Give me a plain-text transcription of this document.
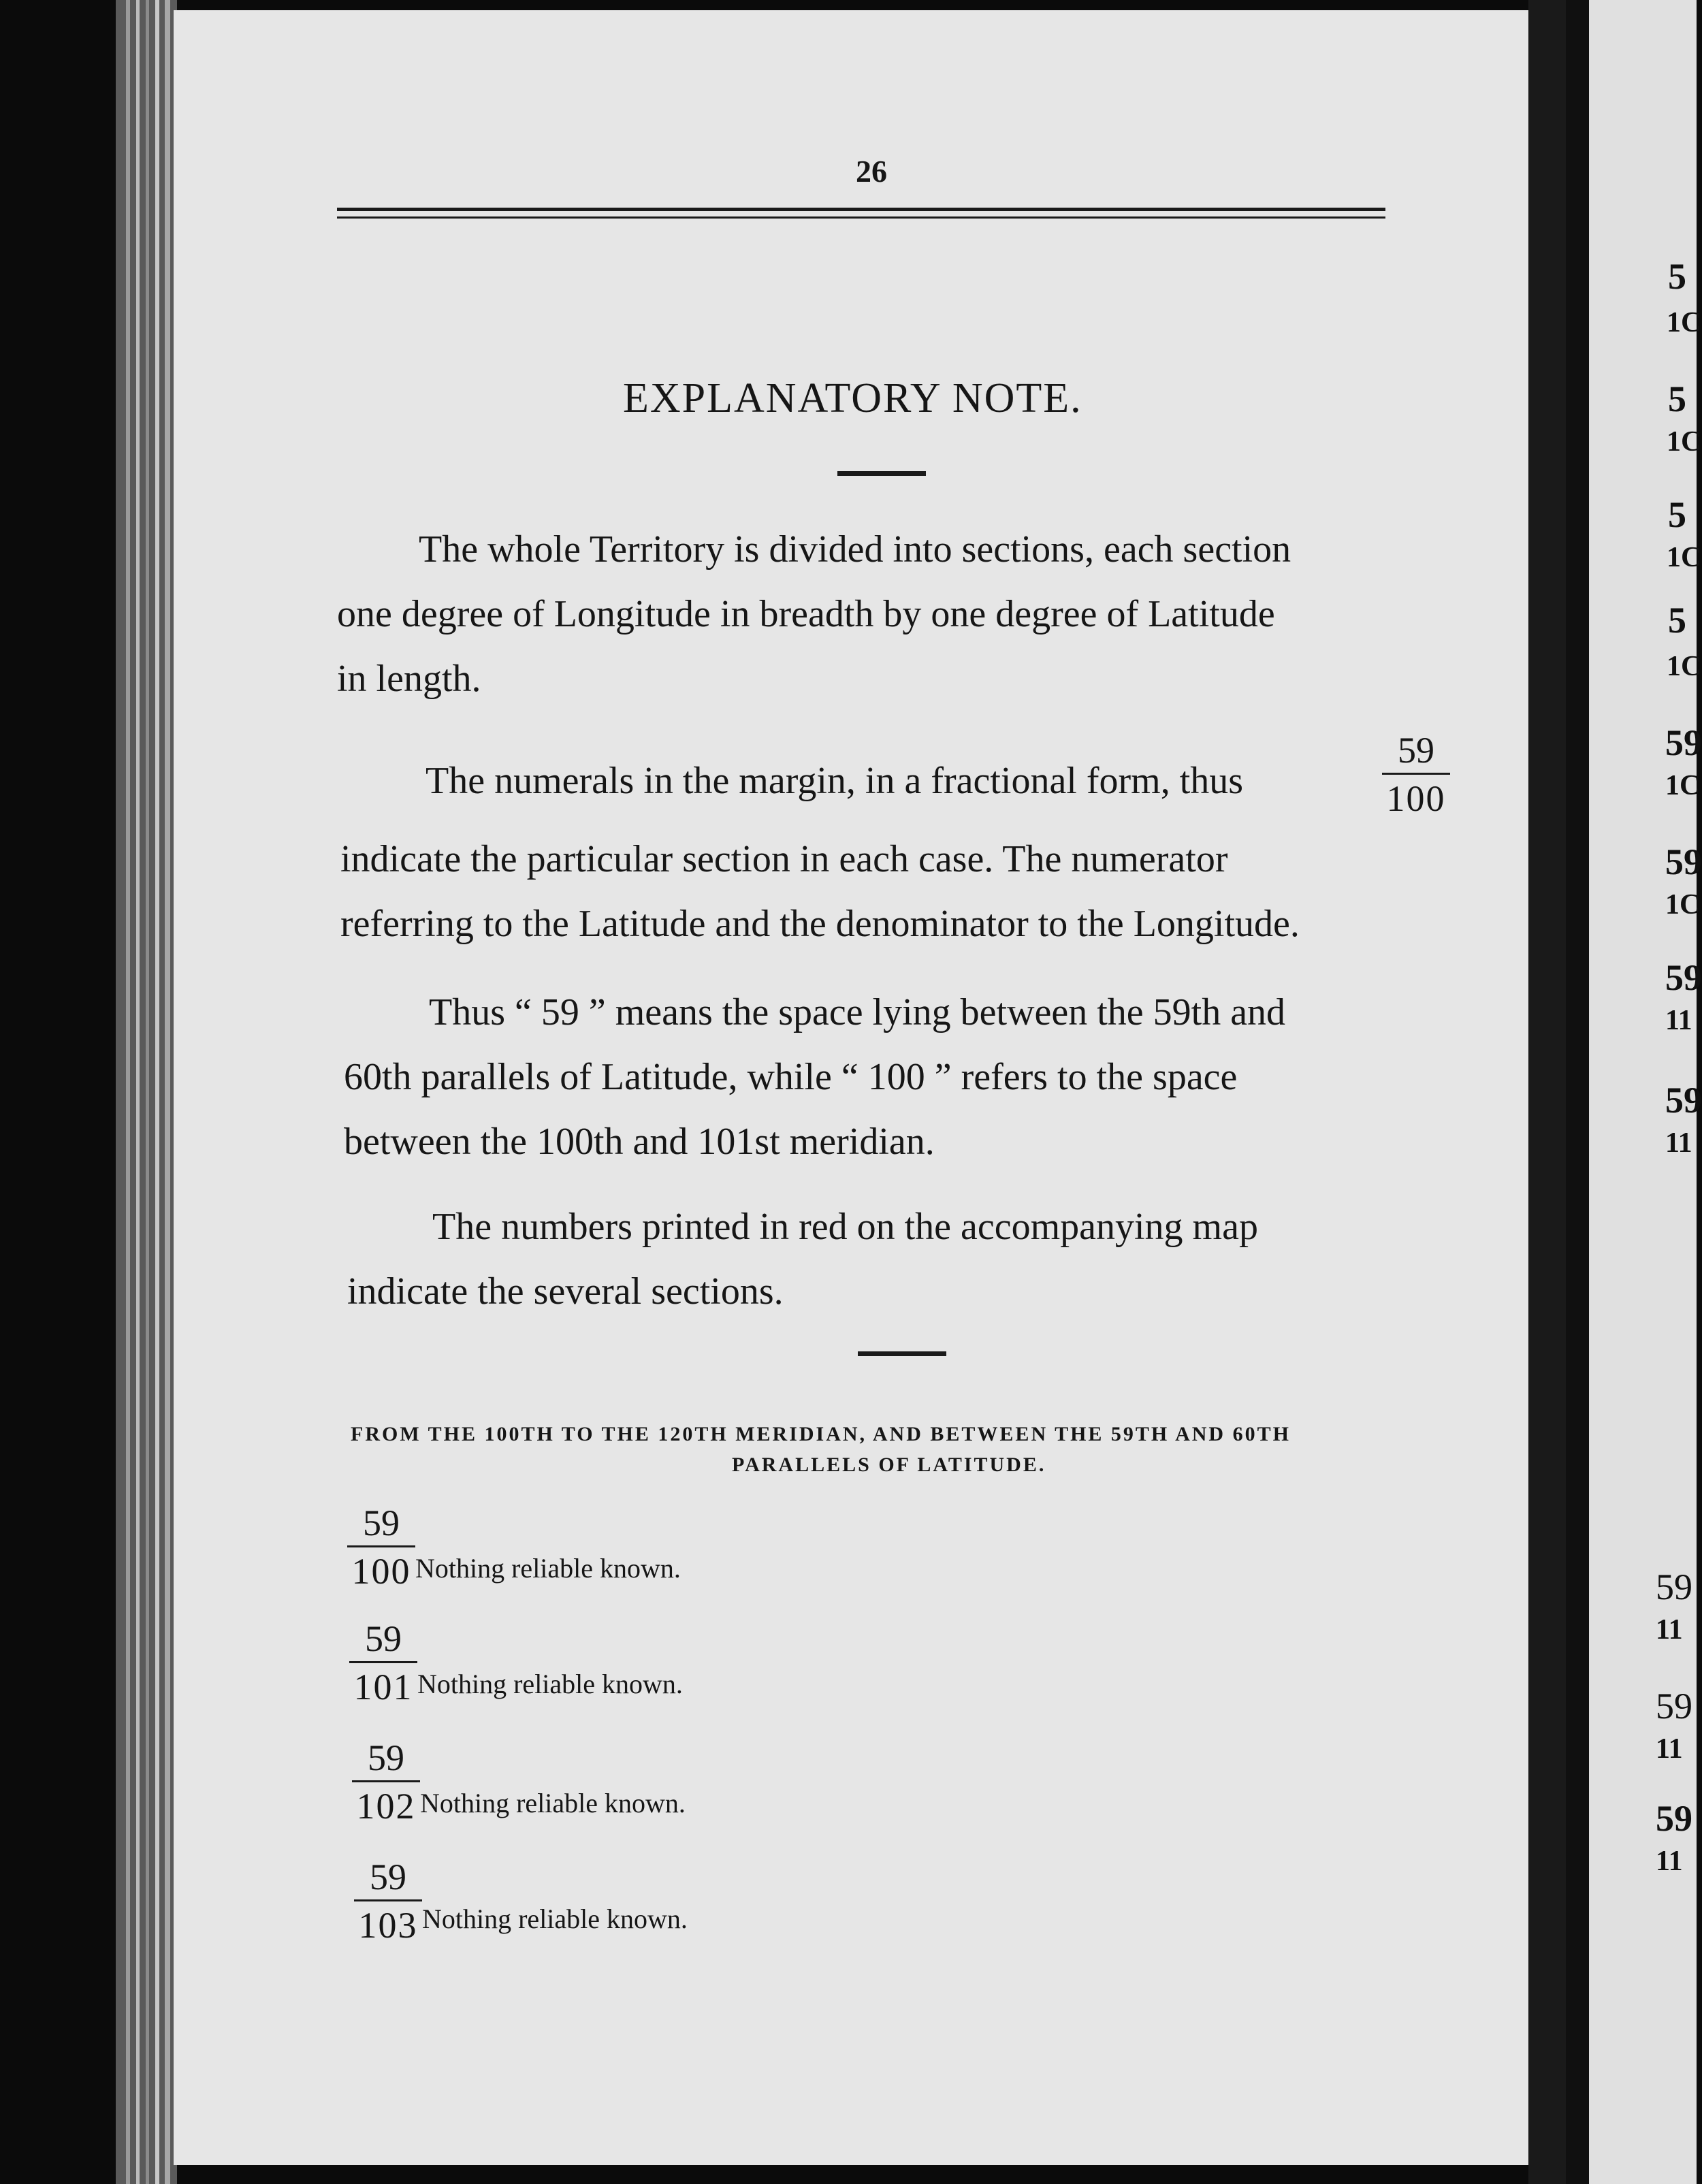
26
EXPLANATORY NOTE.
The whole Territory is divided into sections, each section
one degree of Longitude in breadth by one degree of Latitude
in length.
The numerals in the margin, in a fractional form, thus
59
100
indicate the particular section in each case. The numerator
referring to the Latitude and the denominator to the Longitude.
Thus “ 59 ” means the space lying between the 59th and
60th parallels of Latitude, while “ 100 ” refers to the space
between the 100th and 101st meridian.
The numbers printed in red on the accompanying map
indicate the several sections.
FROM THE 100TH TO THE 120TH MERIDIAN, AND BETWEEN THE 59TH AND 60TH
PARALLELS OF LATITUDE.
59
100 Nothing reliable known.
59
101 Nothing reliable known.
59
102 Nothing reliable known.
59
103 Nothing reliable known.
5
1C
5
1C
5
1C
5
1C
59
1C
59
1C
59
11
59
11
59
11
59
11
59
11
